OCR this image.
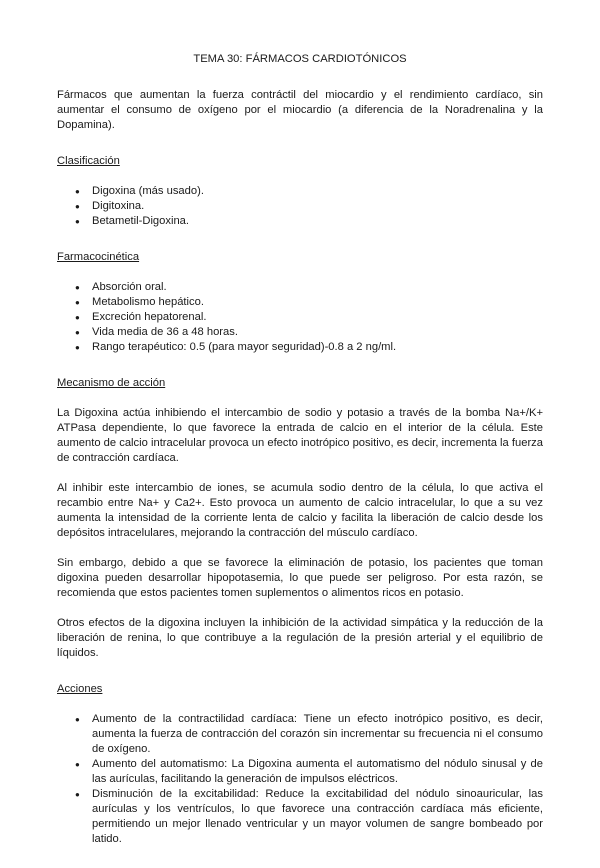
TEMA 30: FÁRMACOS CARDIOTÓNICOS

Fármacos que aumentan la fuerza contráctil del miocardio y el rendimiento cardíaco, sin aumentar el consumo de oxígeno por el miocardio (a diferencia de la Noradrenalina y la Dopamina).

Clasificación
● Digoxina (más usado).
● Digitoxina.
● Betametil-Digoxina.
Farmacocinética
● Absorción oral.
● Metabolismo hepático.
● Excreción hepatorenal.
● Vida media de 36 a 48 horas.
● Rango terapéutico: 0.5 (para mayor seguridad)-0.8 a 2 ng/ml.
Mecanismo de acción

La Digoxina actúa inhibiendo el intercambio de sodio y potasio a través de la bomba Na+/K+ ATPasa dependiente, lo que favorece la entrada de calcio en el interior de la célula. Este aumento de calcio intracelular provoca un efecto inotrópico positivo, es decir, incrementa la fuerza de contracción cardíaca.

Al inhibir este intercambio de iones, se acumula sodio dentro de la célula, lo que activa el recambio entre Na+ y Ca2+. Esto provoca un aumento de calcio intracelular, lo que a su vez aumenta la intensidad de la corriente lenta de calcio y facilita la liberación de calcio desde los depósitos intracelulares, mejorando la contracción del músculo cardíaco.

Sin embargo, debido a que se favorece la eliminación de potasio, los pacientes que toman digoxina pueden desarrollar hipopotasemia, lo que puede ser peligroso. Por esta razón, se recomienda que estos pacientes tomen suplementos o alimentos ricos en potasio.

Otros efectos de la digoxina incluyen la inhibición de la actividad simpática y la reducción de la liberación de renina, lo que contribuye a la regulación de la presión arterial y el equilibrio de líquidos.

Acciones
● Aumento de la contractilidad cardíaca: Tiene un efecto inotrópico positivo, es decir, aumenta la fuerza de contracción del corazón sin incrementar su frecuencia ni el consumo de oxígeno.
● Aumento del automatismo: La Digoxina aumenta el automatismo del nódulo sinusal y de las aurículas, facilitando la generación de impulsos eléctricos.
● Disminución de la excitabilidad: Reduce la excitabilidad del nódulo sinoauricular, las aurículas y los ventrículos, lo que favorece una contracción cardíaca más eficiente, permitiendo un mejor llenado ventricular y un mayor volumen de sangre bombeado por latido.
